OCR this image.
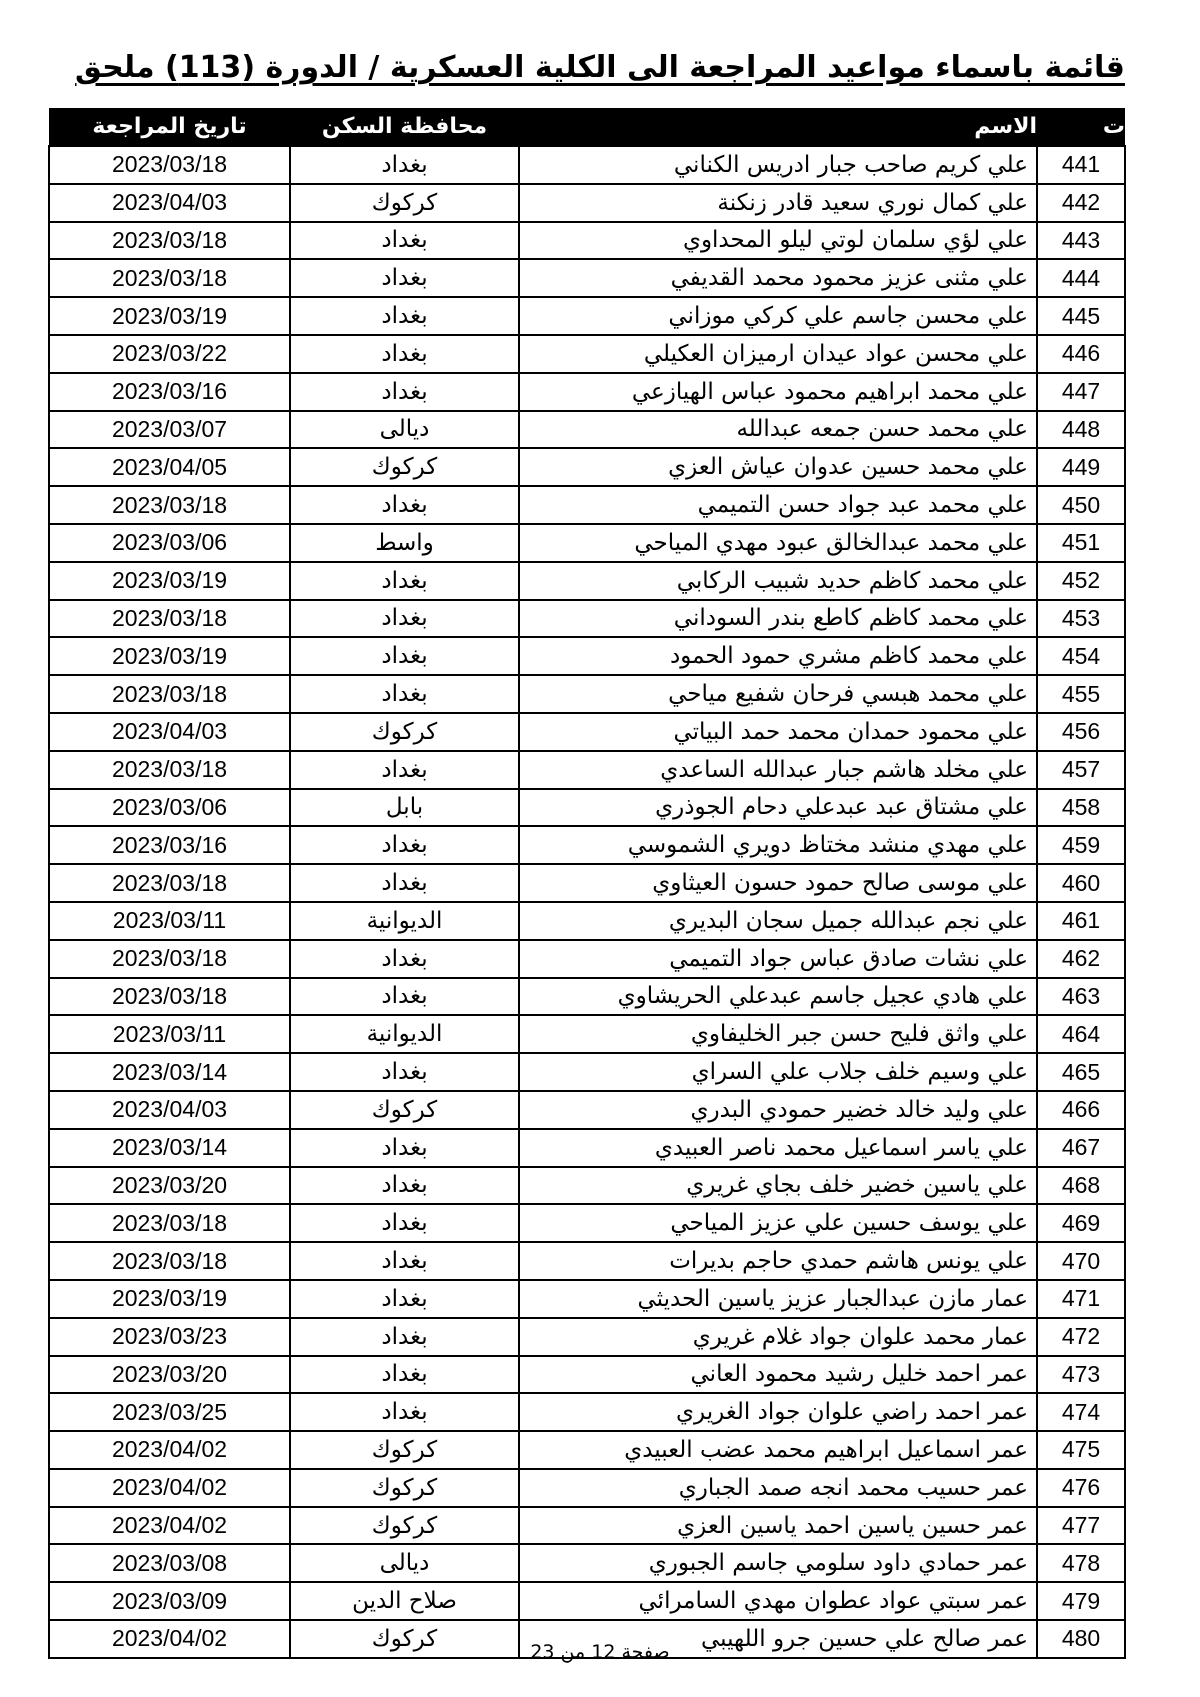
قائمة باسماء مواعيد المراجعة الى الكلية العسكرية / الدورة (113) ملحق
ت	الاسم	محافظة السكن	تاريخ المراجعة
441	علي كريم صاحب جبار ادريس الكناني	بغداد	2023/03/18
442	علي كمال نوري سعيد قادر زنكنة	كركوك	2023/04/03
443	علي لؤي سلمان لوتي ليلو المحداوي	بغداد	2023/03/18
444	علي مثنى عزيز محمود محمد القديفي	بغداد	2023/03/18
445	علي محسن جاسم علي كركي موزاني	بغداد	2023/03/19
446	علي محسن عواد عيدان ارميزان العكيلي	بغداد	2023/03/22
447	علي محمد ابراهيم محمود عباس الهيازعي	بغداد	2023/03/16
448	علي محمد حسن جمعه عبدالله	ديالى	2023/03/07
449	علي محمد حسين عدوان عياش العزي	كركوك	2023/04/05
450	علي محمد عبد جواد حسن التميمي	بغداد	2023/03/18
451	علي محمد عبدالخالق عبود مهدي المياحي	واسط	2023/03/06
452	علي محمد كاظم حديد شبيب الركابي	بغداد	2023/03/19
453	علي محمد كاظم كاطع بندر السوداني	بغداد	2023/03/18
454	علي محمد كاظم مشري حمود الحمود	بغداد	2023/03/19
455	علي محمد هبسي فرحان شفيع مياحي	بغداد	2023/03/18
456	علي محمود حمدان محمد حمد البياتي	كركوك	2023/04/03
457	علي مخلد هاشم جبار عبدالله الساعدي	بغداد	2023/03/18
458	علي مشتاق عبد عبدعلي دحام الجوذري	بابل	2023/03/06
459	علي مهدي منشد مختاظ دويري الشموسي	بغداد	2023/03/16
460	علي موسى صالح حمود حسون العيثاوي	بغداد	2023/03/18
461	علي نجم عبدالله جميل سجان البديري	الديوانية	2023/03/11
462	علي نشات صادق عباس جواد التميمي	بغداد	2023/03/18
463	علي هادي عجيل جاسم عبدعلي الحريشاوي	بغداد	2023/03/18
464	علي واثق فليح حسن جبر الخليفاوي	الديوانية	2023/03/11
465	علي وسيم خلف جلاب علي السراي	بغداد	2023/03/14
466	علي وليد خالد خضير حمودي البدري	كركوك	2023/04/03
467	علي ياسر اسماعيل محمد ناصر العبيدي	بغداد	2023/03/14
468	علي ياسين خضير خلف بجاي غريري	بغداد	2023/03/20
469	علي يوسف حسين علي عزيز المياحي	بغداد	2023/03/18
470	علي يونس هاشم حمدي حاجم بديرات	بغداد	2023/03/18
471	عمار مازن عبدالجبار عزيز ياسين الحديثي	بغداد	2023/03/19
472	عمار محمد علوان جواد غلام غريري	بغداد	2023/03/23
473	عمر احمد خليل رشيد محمود العاني	بغداد	2023/03/20
474	عمر احمد راضي علوان جواد الغريري	بغداد	2023/03/25
475	عمر اسماعيل ابراهيم محمد عضب العبيدي	كركوك	2023/04/02
476	عمر حسيب محمد انجه صمد الجباري	كركوك	2023/04/02
477	عمر حسين ياسين احمد ياسين العزي	كركوك	2023/04/02
478	عمر حمادي داود سلومي جاسم الجبوري	ديالى	2023/03/08
479	عمر سبتي عواد عطوان مهدي السامرائي	صلاح الدين	2023/03/09
480	عمر صالح علي حسين جرو اللهيبي	كركوك	2023/04/02
صفحة 12 من 23
